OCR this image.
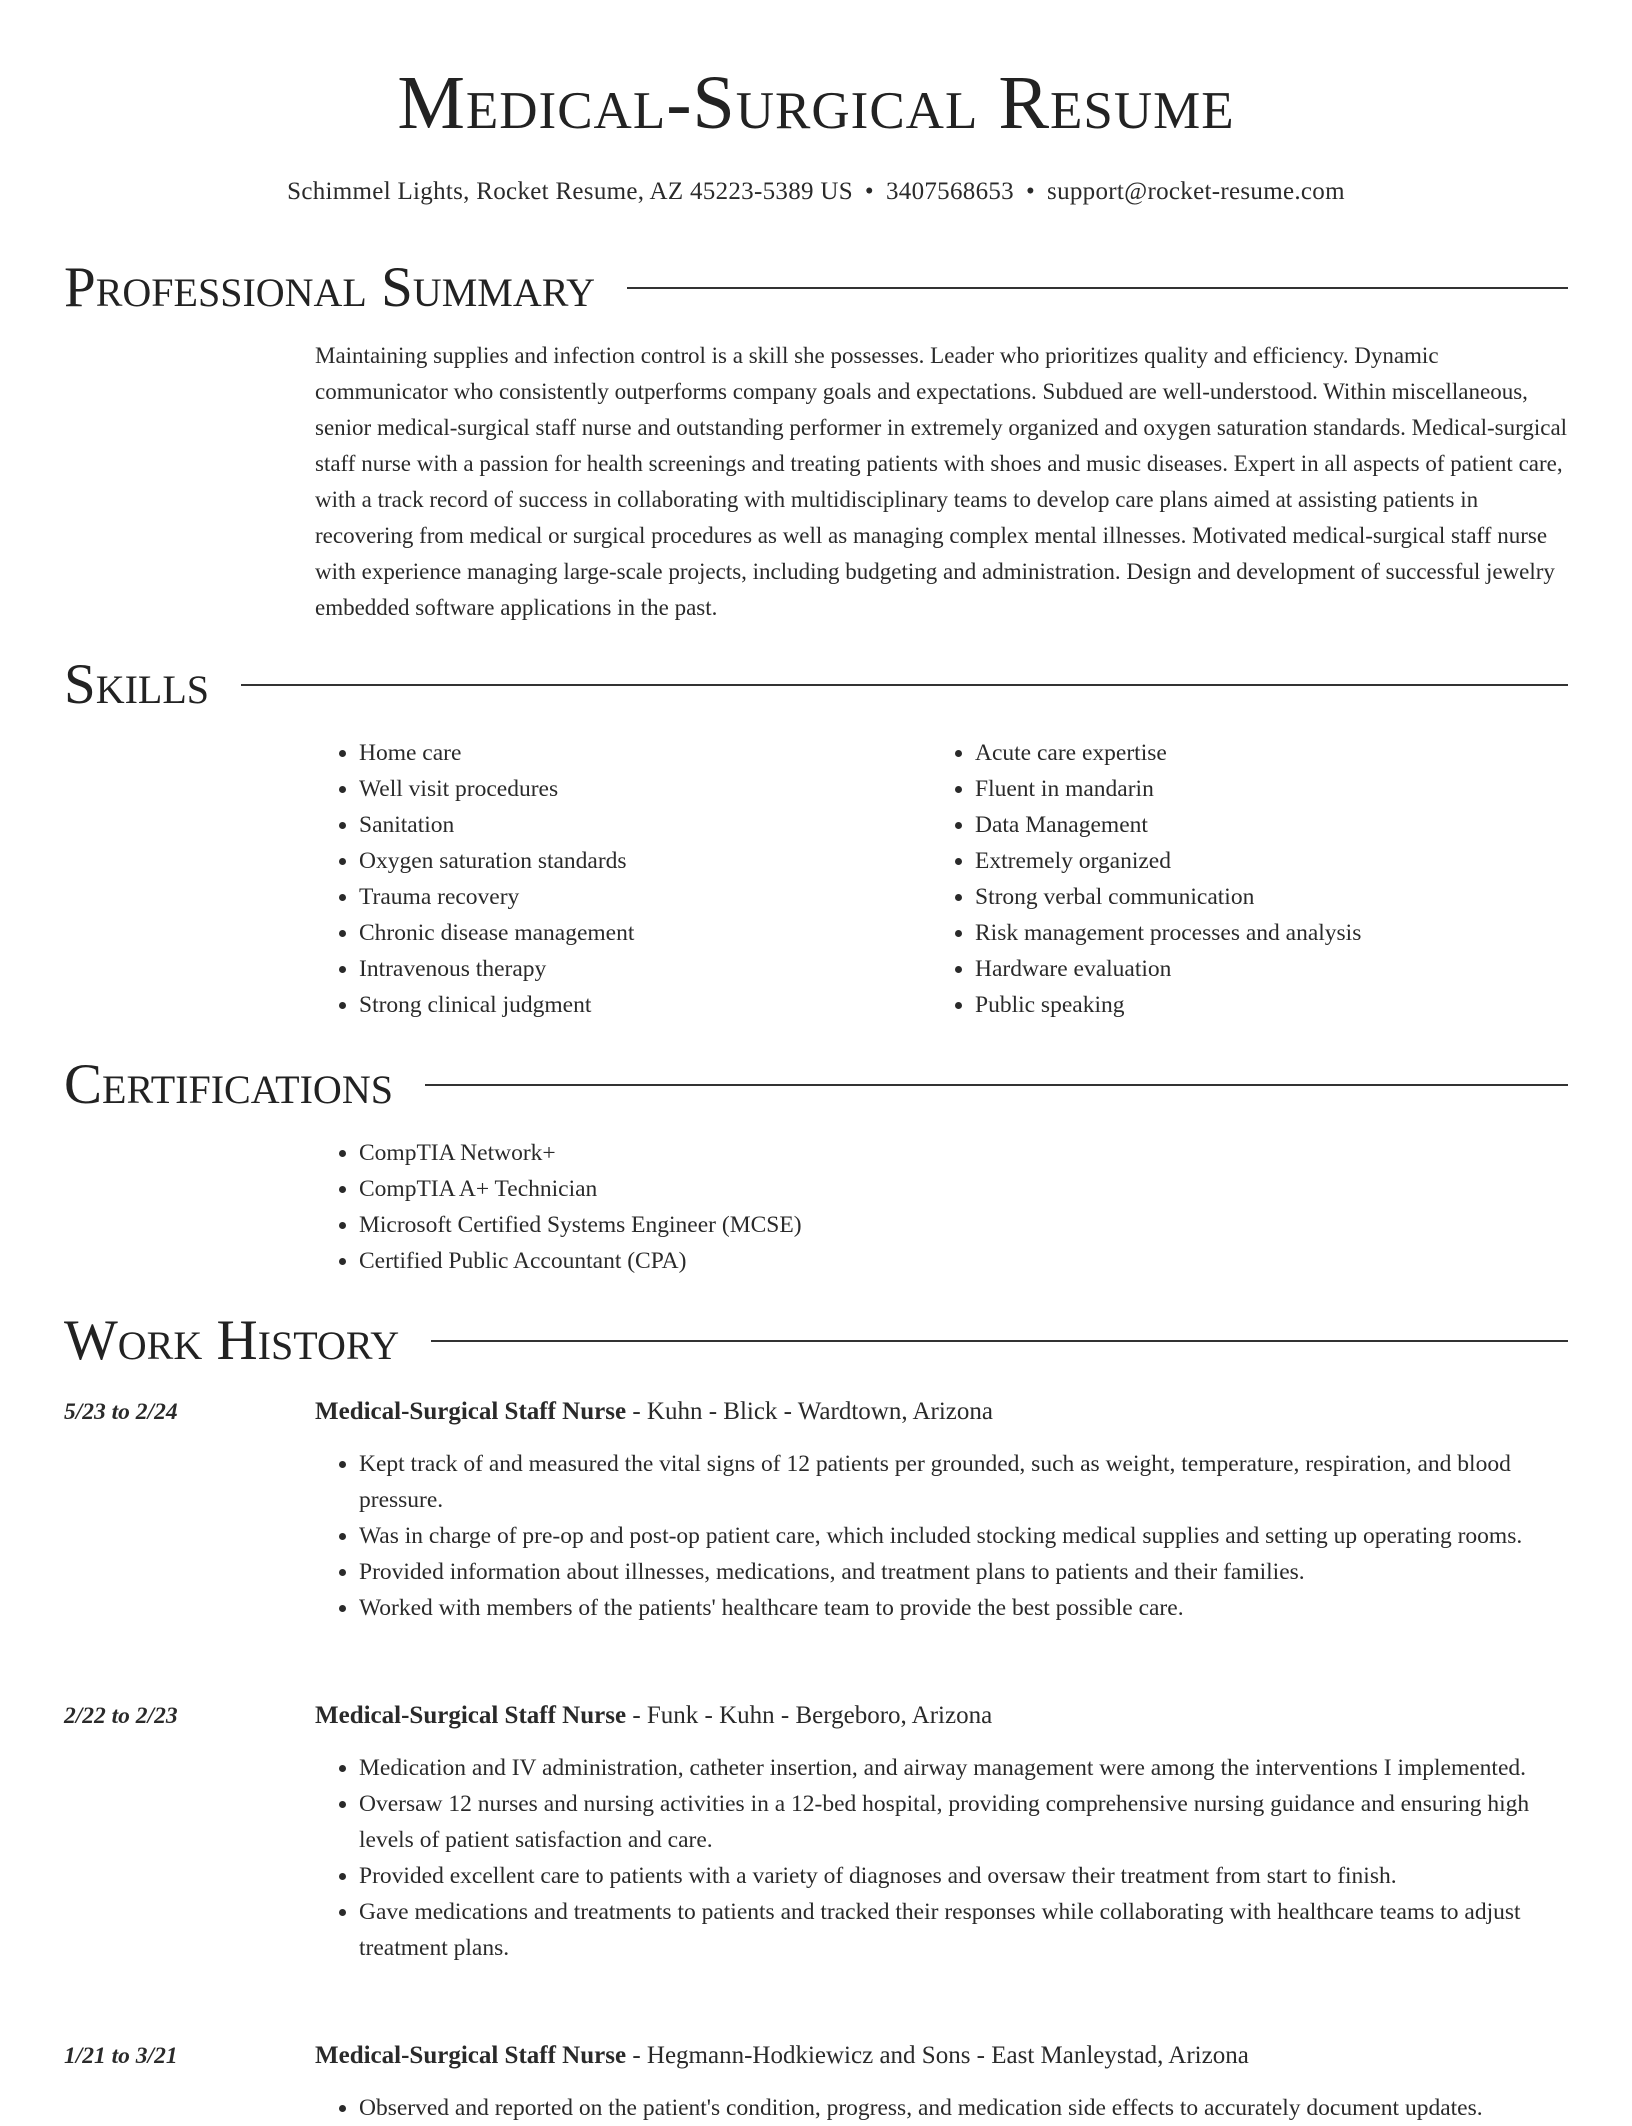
Medical-Surgical Resume
Schimmel Lights, Rocket Resume, AZ 45223-5389 US • 3407568653 • support@rocket-resume.com
Professional Summary

Maintaining supplies and infection control is a skill she possesses. Leader who prioritizes quality and efficiency. Dynamic communicator who consistently outperforms company goals and expectations. Subdued are well-understood. Within miscellaneous, senior medical-surgical staff nurse and outstanding performer in extremely organized and oxygen saturation standards. Medical-surgical staff nurse with a passion for health screenings and treating patients with shoes and music diseases. Expert in all aspects of patient care, with a track record of success in collaborating with multidisciplinary teams to develop care plans aimed at assisting patients in recovering from medical or surgical procedures as well as managing complex mental illnesses. Motivated medical-surgical staff nurse with experience managing large-scale projects, including budgeting and administration. Design and development of successful jewelry embedded software applications in the past.

Skills
• Home care
• Well visit procedures
• Sanitation
• Oxygen saturation standards
• Trauma recovery
• Chronic disease management
• Intravenous therapy
• Strong clinical judgment
• Acute care expertise
• Fluent in mandarin
• Data Management
• Extremely organized
• Strong verbal communication
• Risk management processes and analysis
• Hardware evaluation
• Public speaking
Certifications
• CompTIA Network+
• CompTIA A+ Technician
• Microsoft Certified Systems Engineer (MCSE)
• Certified Public Accountant (CPA)
Work History
5/23 to 2/24	Medical-Surgical Staff Nurse - Kuhn - Blick - Wardtown, Arizona
• Kept track of and measured the vital signs of 12 patients per grounded, such as weight, temperature, respiration, and blood pressure.
• Was in charge of pre-op and post-op patient care, which included stocking medical supplies and setting up operating rooms.
• Provided information about illnesses, medications, and treatment plans to patients and their families.
• Worked with members of the patients' healthcare team to provide the best possible care.
2/22 to 2/23	Medical-Surgical Staff Nurse - Funk - Kuhn - Bergeboro, Arizona
• Medication and IV administration, catheter insertion, and airway management were among the interventions I implemented.
• Oversaw 12 nurses and nursing activities in a 12-bed hospital, providing comprehensive nursing guidance and ensuring high levels of patient satisfaction and care.
• Provided excellent care to patients with a variety of diagnoses and oversaw their treatment from start to finish.
• Gave medications and treatments to patients and tracked their responses while collaborating with healthcare teams to adjust treatment plans.
1/21 to 3/21	Medical-Surgical Staff Nurse - Hegmann-Hodkiewicz and Sons - East Manleystad, Arizona
• Observed and reported on the patient's condition, progress, and medication side effects to accurately document updates.
